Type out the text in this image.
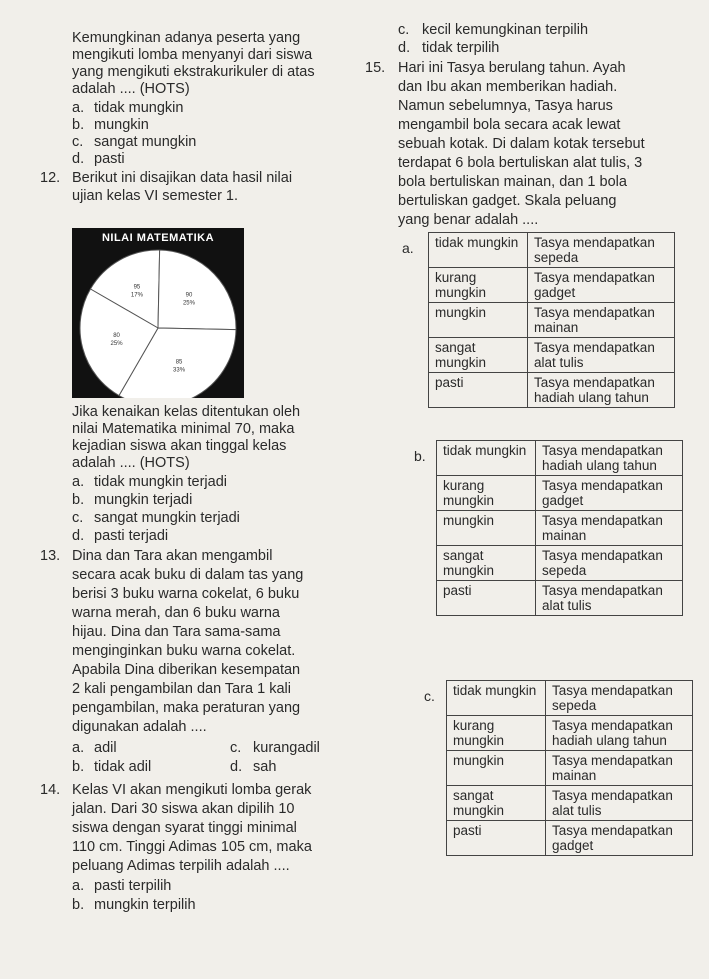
Kemungkinan adanya peserta yang
mengikuti lomba menyanyi dari siswa
yang mengikuti ekstrakurikuler di atas
adalah .... (HOTS)
a. tidak mungkin
b. mungkin
c. sangat mungkin
d. pasti
12. Berikut ini disajikan data hasil nilai
ujian kelas VI semester 1.
NILAI MATEMATIKA
95
17%	90
25%
85
33%
80
25%
Jika kenaikan kelas ditentukan oleh
nilai Matematika minimal 70, maka
kejadian siswa akan tinggal kelas
adalah .... (HOTS)
a. tidak mungkin terjadi
b. mungkin terjadi
c. sangat mungkin terjadi
d. pasti terjadi
13. Dina dan Tara akan mengambil
secara acak buku di dalam tas yang
berisi 3 buku warna cokelat, 6 buku
warna merah, dan 6 buku warna
hijau. Dina dan Tara sama-sama
menginginkan buku warna cokelat.
Apabila Dina diberikan kesempatan
2 kali pengambilan dan Tara 1 kali
pengambilan, maka peraturan yang
digunakan adalah ....
a. adil
b. tidak adil
c. kurangadil
d. sah
14. Kelas VI akan mengikuti lomba gerak
jalan. Dari 30 siswa akan dipilih 10
siswa dengan syarat tinggi minimal
110 cm. Tinggi Adimas 105 cm, maka
peluang Adimas terpilih adalah ....
a. pasti terpilih
b. mungkin terpilih
c. kecil kemungkinan terpilih
d. tidak terpilih
15. Hari ini Tasya berulang tahun. Ayah
dan Ibu akan memberikan hadiah.
Namun sebelumnya, Tasya harus
mengambil bola secara acak lewat
sebuah kotak. Di dalam kotak tersebut
terdapat 6 bola bertuliskan alat tulis, 3
bola bertuliskan mainan, dan 1 bola
bertuliskan gadget. Skala peluang
yang benar adalah ....
a. tidak mungkin	Tasya mendapatkan sepeda
kurang mungkin	Tasya mendapatkan gadget
mungkin	Tasya mendapatkan mainan
sangat mungkin	Tasya mendapatkan alat tulis
pasti	Tasya mendapatkan hadiah ulang tahun
b. tidak mungkin	Tasya mendapatkan hadiah ulang tahun
kurang mungkin	Tasya mendapatkan gadget
mungkin	Tasya mendapatkan mainan
sangat mungkin	Tasya mendapatkan sepeda
pasti	Tasya mendapatkan alat tulis
c. tidak mungkin	Tasya mendapatkan sepeda
kurang mungkin	Tasya mendapatkan hadiah ulang tahun
mungkin	Tasya mendapatkan mainan
sangat mungkin	Tasya mendapatkan alat tulis
pasti	Tasya mendapatkan gadget
